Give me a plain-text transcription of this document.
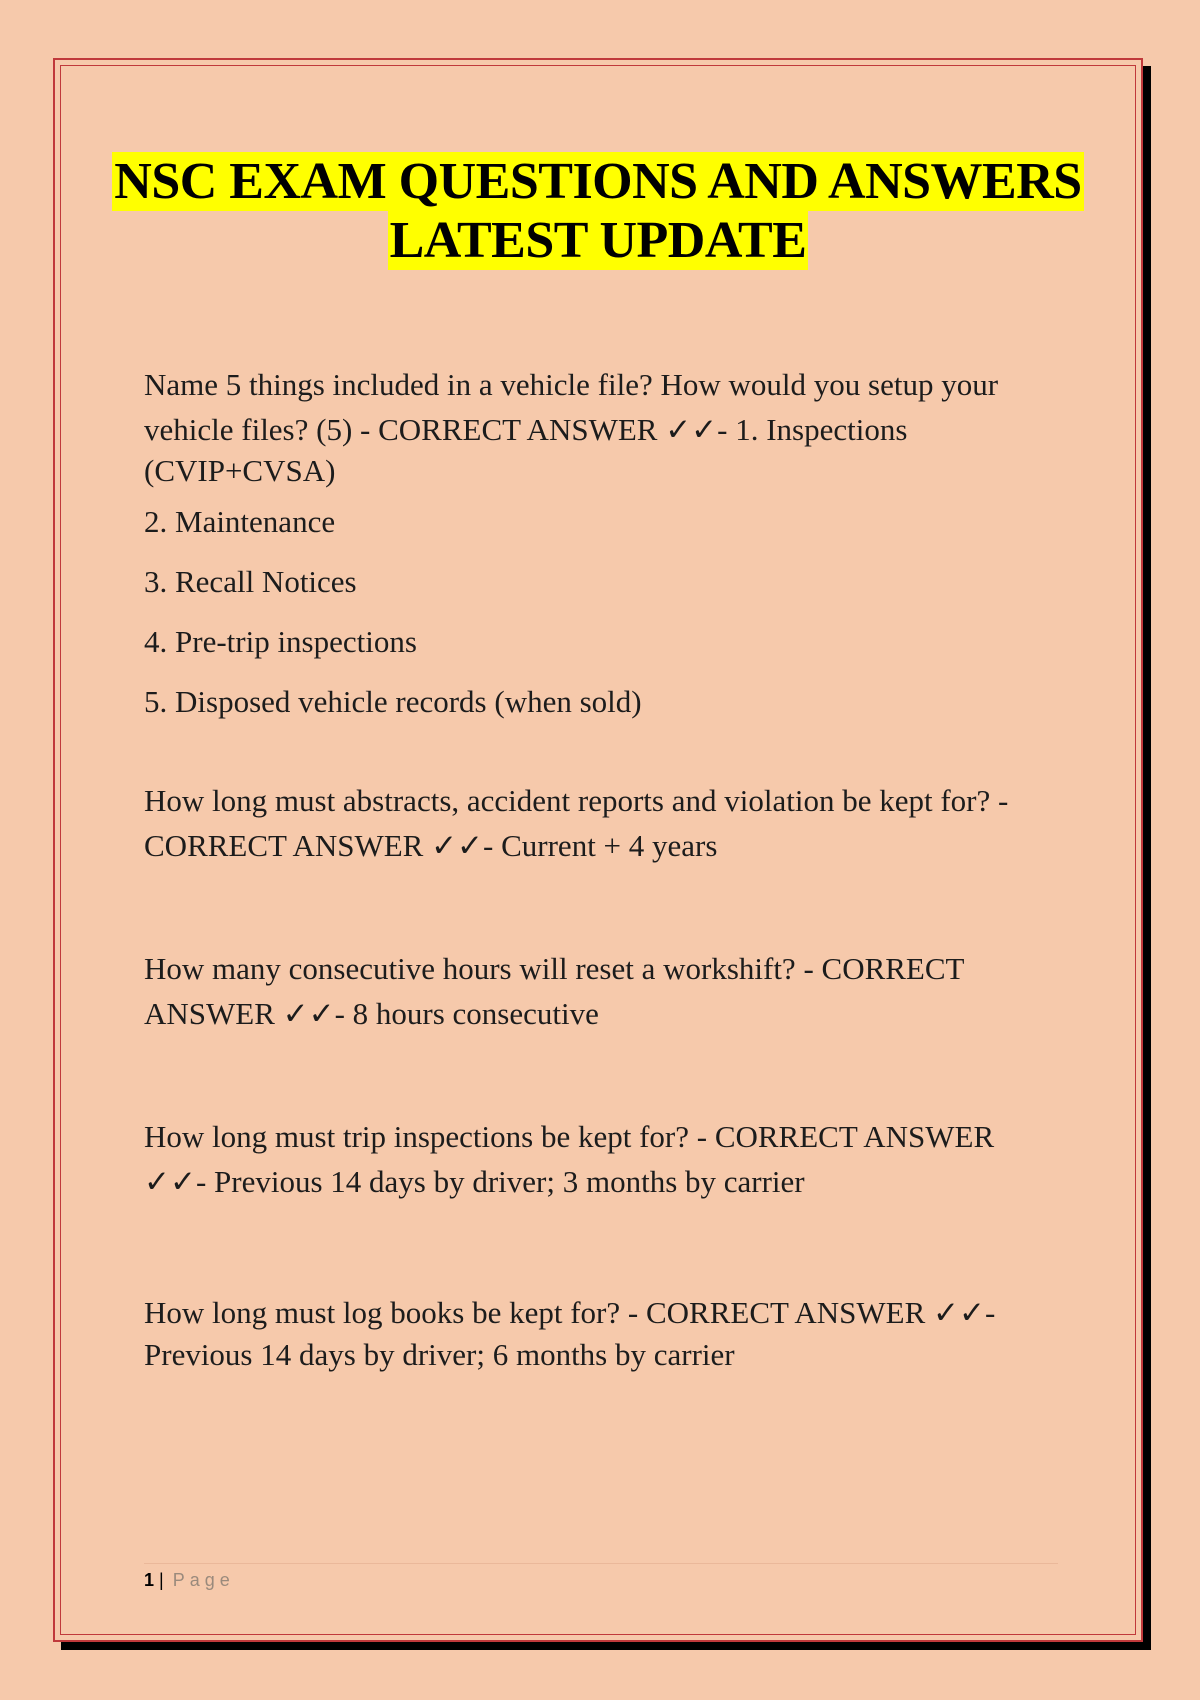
NSC EXAM QUESTIONS AND ANSWERS
LATEST UPDATE

Name 5 things included in a vehicle file? How would you setup your

vehicle files? (5) - CORRECT ANSWER ✓✓- 1. Inspections

(CVIP+CVSA)

2. Maintenance

3. Recall Notices

4. Pre-trip inspections

5. Disposed vehicle records (when sold)

How long must abstracts, accident reports and violation be kept for? -

CORRECT ANSWER ✓✓- Current + 4 years

How many consecutive hours will reset a workshift? - CORRECT

ANSWER ✓✓- 8 hours consecutive

How long must trip inspections be kept for? - CORRECT ANSWER

✓✓- Previous 14 days by driver; 3 months by carrier

How long must log books be kept for? - CORRECT ANSWER ✓✓-

Previous 14 days by driver; 6 months by carrier

1 | Page
